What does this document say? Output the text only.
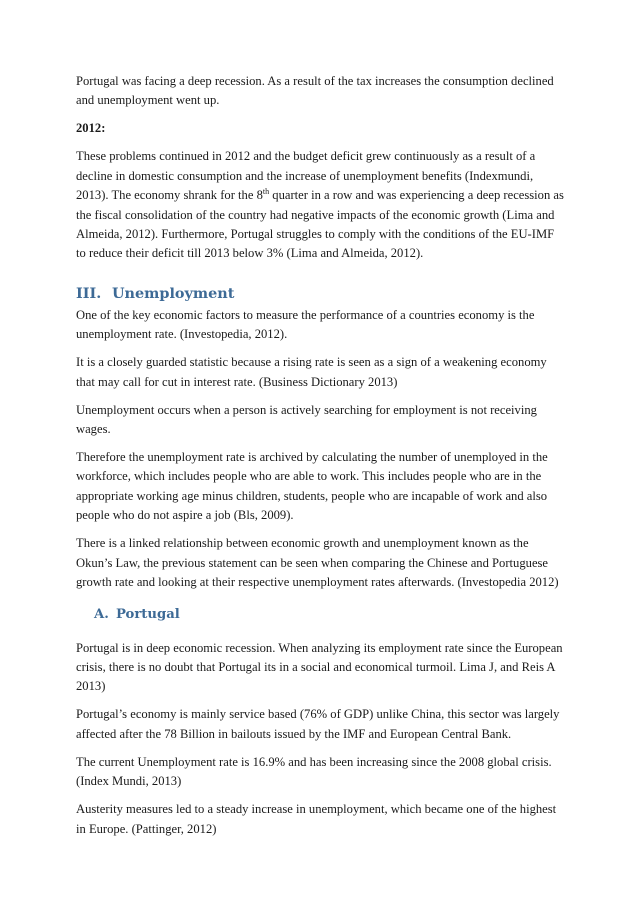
Portugal was facing a deep recession. As a result of the tax increases the consumption declined and unemployment went up.

2012:

These problems continued in 2012 and the budget deficit grew continuously as a result of a decline in domestic consumption and the increase of unemployment benefits (Indexmundi, 2013). The economy shrank for the 8th quarter in a row and was experiencing a deep recession as the fiscal consolidation of the country had negative impacts of the economic growth (Lima and Almeida, 2012). Furthermore, Portugal struggles to comply with the conditions of the EU-IMF to reduce their deficit till 2013 below 3% (Lima and Almeida, 2012).

III. Unemployment

One of the key economic factors to measure the performance of a countries economy is the unemployment rate. (Investopedia, 2012).

It is a closely guarded statistic because a rising rate is seen as a sign of a weakening economy that may call for cut in interest rate. (Business Dictionary 2013)

Unemployment occurs when a person is actively searching for employment is not receiving wages.

Therefore the unemployment rate is archived by calculating the number of unemployed in the workforce, which includes people who are able to work. This includes people who are in the appropriate working age minus children, students, people who are incapable of work and also people who do not aspire a job (Bls, 2009).

There is a linked relationship between economic growth and unemployment known as the Okun’s Law, the previous statement can be seen when comparing the Chinese and Portuguese growth rate and looking at their respective unemployment rates afterwards. (Investopedia 2012)

A. Portugal

Portugal is in deep economic recession. When analyzing its employment rate since the European crisis, there is no doubt that Portugal its in a social and economical turmoil. Lima J, and Reis A 2013)

Portugal’s economy is mainly service based (76% of GDP) unlike China, this sector was largely affected after the 78 Billion in bailouts issued by the IMF and European Central Bank.

The current Unemployment rate is 16.9% and has been increasing since the 2008 global crisis. (Index Mundi, 2013)

Austerity measures led to a steady increase in unemployment, which became one of the highest in Europe. (Pattinger, 2012)
